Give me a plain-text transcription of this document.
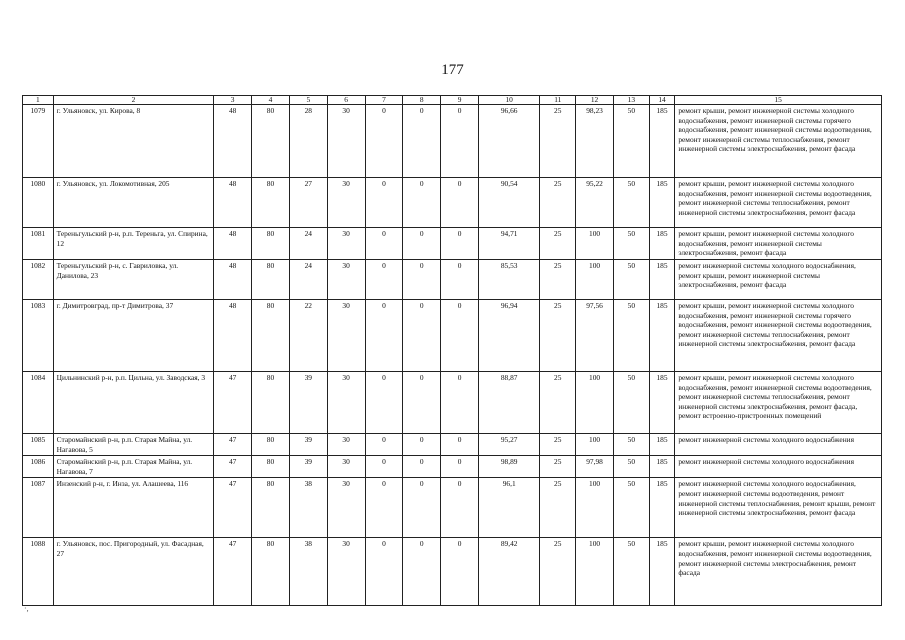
177
1	2	3	4	5	6	7	8	9	10	11	12	13	14	15
1079	г. Ульяновск, ул. Кирова, 8	48	80	28	30	0	0	0	96,66	25	98,23	50	185	ремонт крыши, ремонт инженерной системы холодного водоснабжения, ремонт инженерной системы горячего водоснабжения, ремонт инженерной системы водоотведения, ремонт инженерной системы теплоснабжения, ремонт инженерной системы электроснабжения, ремонт фасада
1080	г. Ульяновск, ул. Локомотивная, 205	48	80	27	30	0	0	0	90,54	25	95,22	50	185	ремонт крыши, ремонт инженерной системы холодного водоснабжения, ремонт инженерной системы водоотведения, ремонт инженерной системы теплоснабжения, ремонт инженерной системы электроснабжения, ремонт фасада
1081	Тереньгульский р-н, р.п. Тереньга, ул. Спирина, 12	48	80	24	30	0	0	0	94,71	25	100	50	185	ремонт крыши, ремонт инженерной системы холодного водоснабжения, ремонт инженерной системы электроснабжения, ремонт фасада
1082	Тереньгульский р-н, с. Гавриловка, ул. Данилова, 23	48	80	24	30	0	0	0	85,53	25	100	50	185	ремонт инженерной системы холодного водоснабжения, ремонт крыши, ремонт инженерной системы электроснабжения, ремонт фасада
1083	г. Димитровград, пр-т Димитрова, 37	48	80	22	30	0	0	0	96,94	25	97,56	50	185	ремонт крыши, ремонт инженерной системы холодного водоснабжения, ремонт инженерной системы горячего водоснабжения, ремонт инженерной системы водоотведения, ремонт инженерной системы теплоснабжения, ремонт инженерной системы электроснабжения, ремонт фасада
1084	Цильнинский р-н, р.п. Цильна, ул. Заводская, 3	47	80	39	30	0	0	0	88,87	25	100	50	185	ремонт крыши, ремонт инженерной системы холодного водоснабжения, ремонт инженерной системы водоотведения, ремонт инженерной системы теплоснабжения, ремонт инженерной системы электроснабжения, ремонт фасада, ремонт встроенно-пристроенных помещений
1085	Старомайнский р-н, р.п. Старая Майна, ул. Нагавова, 5	47	80	39	30	0	0	0	95,27	25	100	50	185	ремонт инженерной системы холодного водоснабжения
1086	Старомайнский р-н, р.п. Старая Майна, ул. Нагавова, 7	47	80	39	30	0	0	0	98,89	25	97,98	50	185	ремонт инженерной системы холодного водоснабжения
1087	Инзенский р-н, г. Инза, ул. Алашеева, 116	47	80	38	30	0	0	0	96,1	25	100	50	185	ремонт инженерной системы холодного водоснабжения, ремонт инженерной системы водоотведения, ремонт инженерной системы теплоснабжения, ремонт крыши, ремонт инженерной системы электроснабжения, ремонт фасада
1088	г. Ульяновск, пос. Пригородный, ул. Фасадная, 27	47	80	38	30	0	0	0	89,42	25	100	50	185	ремонт крыши, ремонт инженерной системы холодного водоснабжения, ремонт инженерной системы водоотведения, ремонт инженерной системы электроснабжения, ремонт фасада
·,
